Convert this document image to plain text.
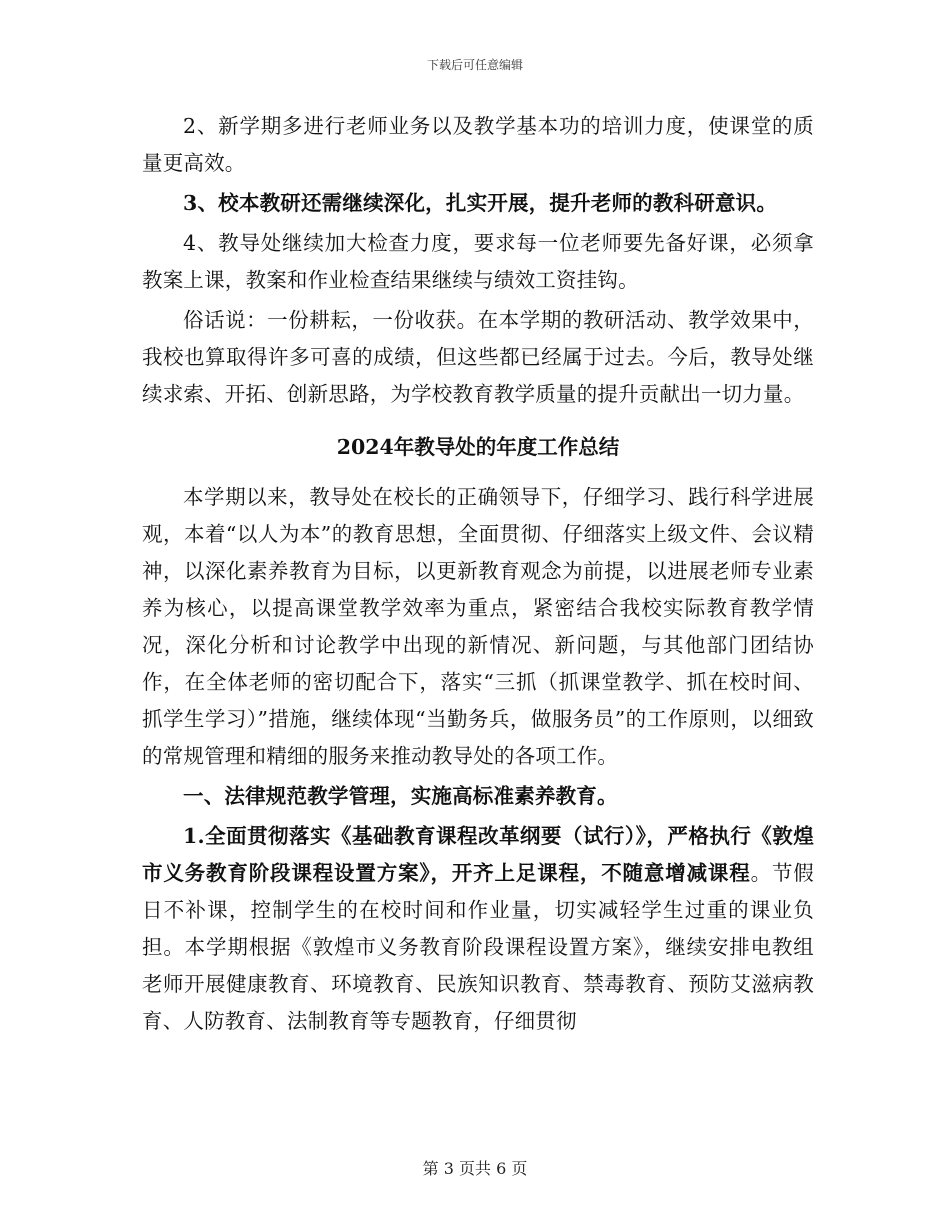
下载后可任意编辑

2、新学期多进行老师业务以及教学基本功的培训力度，使课堂的质量更高效。

3、校本教研还需继续深化，扎实开展，提升老师的教科研意识。

4、教导处继续加大检查力度，要求每一位老师要先备好课，必须拿教案上课，教案和作业检查结果继续与绩效工资挂钩。

俗话说：一份耕耘，一份收获。在本学期的教研活动、教学效果中，我校也算取得许多可喜的成绩，但这些都已经属于过去。今后，教导处继续求索、开拓、创新思路，为学校教育教学质量的提升贡献出一切力量。

2024年教导处的年度工作总结

本学期以来，教导处在校长的正确领导下，仔细学习、践行科学进展观，本着“以人为本”的教育思想，全面贯彻、仔细落实上级文件、会议精神，以深化素养教育为目标，以更新教育观念为前提，以进展老师专业素养为核心，以提高课堂教学效率为重点，紧密结合我校实际教育教学情况，深化分析和讨论教学中出现的新情况、新问题，与其他部门团结协作，在全体老师的密切配合下，落实“三抓（抓课堂教学、抓在校时间、抓学生学习）”措施，继续体现“当勤务兵，做服务员”的工作原则，以细致的常规管理和精细的服务来推动教导处的各项工作。

一、法律规范教学管理，实施高标准素养教育。

1.全面贯彻落实《基础教育课程改革纲要（试行）》，严格执行《敦煌市义务教育阶段课程设置方案》，开齐上足课程，不随意增减课程。节假日不补课，控制学生的在校时间和作业量，切实减轻学生过重的课业负担。本学期根据《敦煌市义务教育阶段课程设置方案》，继续安排电教组老师开展健康教育、环境教育、民族知识教育、禁毒教育、预防艾滋病教育、人防教育、法制教育等专题教育，仔细贯彻

第 3 页共 6 页
